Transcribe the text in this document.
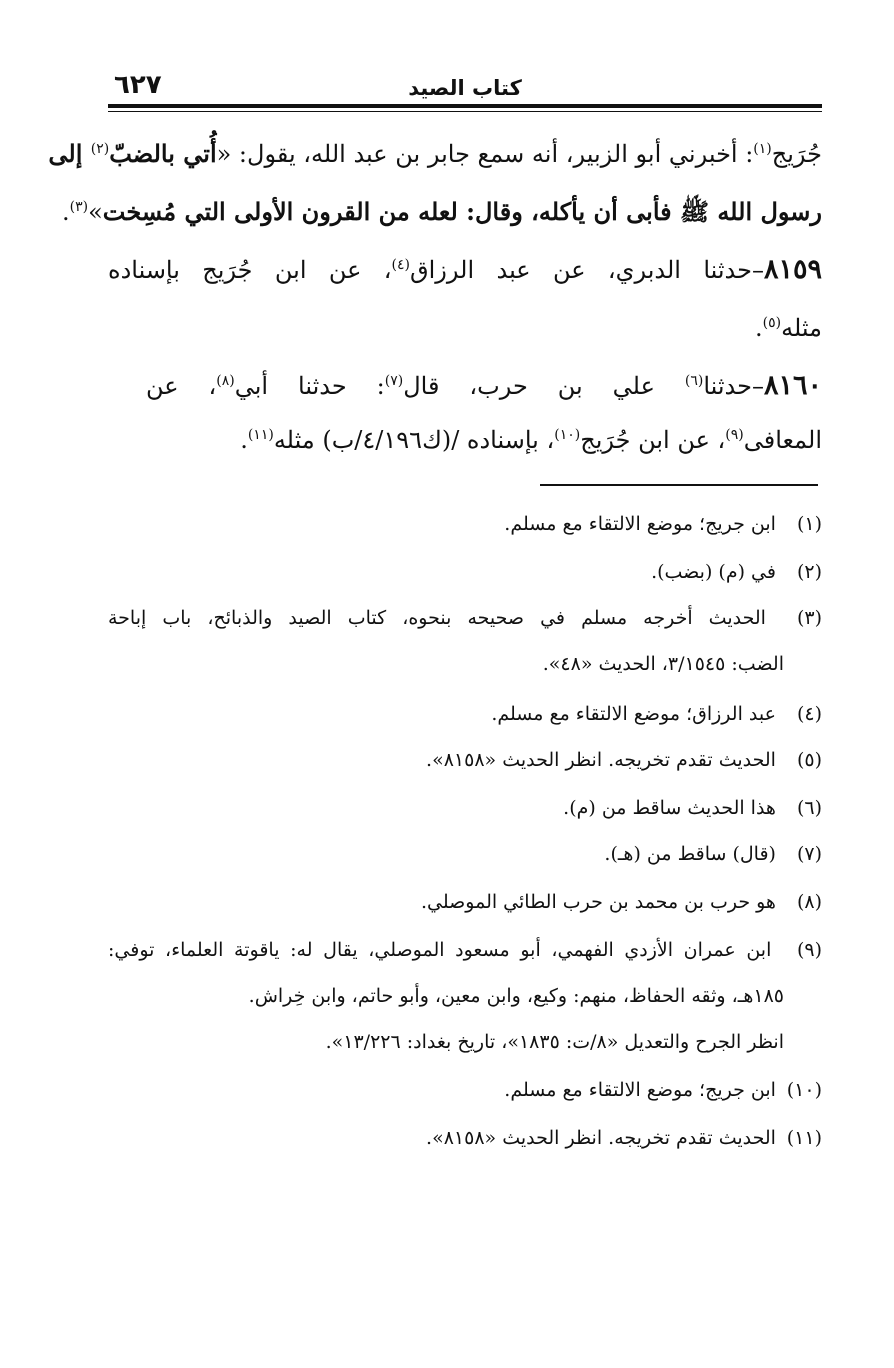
كتاب الصيد
٦٢٧
جُرَيج$^{(١)}$: أخبرني أبو الزبير، أنه سمع جابر بن عبد الله، يقول: «أُتي بالضبّ$^{(٢)}$ إلى
رسول الله ﷺ فأبى أن يأكله، وقال: لعله من القرون الأولى التي مُسِخت»$^{(٣)}$.
٨١٥٩–حدثنا الدبري، عن عبد الرزاق$^{(٤)}$، عن ابن جُرَيج بإسناده
مثله$^{(٥)}$.
٨١٦٠–حدثنا$^{(٦)}$ علي بن حرب، قال$^{(٧)}$: حدثنا أبي$^{(٨)}$، عن
المعافى$^{(٩)}$، عن ابن جُرَيج$^{(١٠)}$، بإسناده /(ك٤/١٩٦/ب) مثله$^{(١١)}$.
(١) ابن جريج؛ موضع الالتقاء مع مسلم.
(٢) في (م) (بضب).
(٣) الحديث أخرجه مسلم في صحيحه بنحوه، كتاب الصيد والذبائح، باب إباحة
الضب: ٣/١٥٤٥، الحديث «٤٨».
(٤) عبد الرزاق؛ موضع الالتقاء مع مسلم.
(٥) الحديث تقدم تخريجه. انظر الحديث «٨١٥٨».
(٦) هذا الحديث ساقط من (م).
(٧) (قال) ساقط من (هـ).
(٨) هو حرب بن محمد بن حرب الطائي الموصلي.
(٩) ابن عمران الأزدي الفهمي، أبو مسعود الموصلي، يقال له: ياقوتة العلماء، توفي:
١٨٥هـ، وثقه الحفاظ، منهم: وكيع، وابن معين، وأبو حاتم، وابن خِراش.
انظر الجرح والتعديل «٨/ت: ١٨٣٥»، تاريخ بغداد: ١٣/٢٢٦».
(١٠) ابن جريج؛ موضع الالتقاء مع مسلم.
(١١) الحديث تقدم تخريجه. انظر الحديث «٨١٥٨».
